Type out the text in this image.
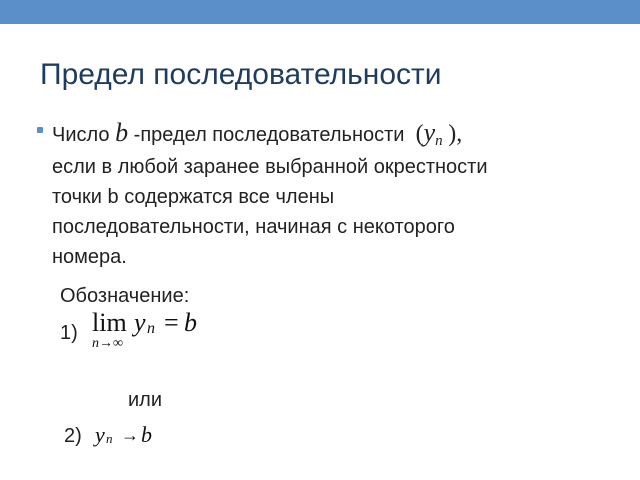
Предел последовательности
Число b -предел последовательности ($y_n$ ),
если в любой заранее выбранной окрестности
точки b содержатся все члены
последовательности, начиная с некоторого
номера.
Обозначение:
1) lim
n→∞
y n = b
или
2) y n → b
